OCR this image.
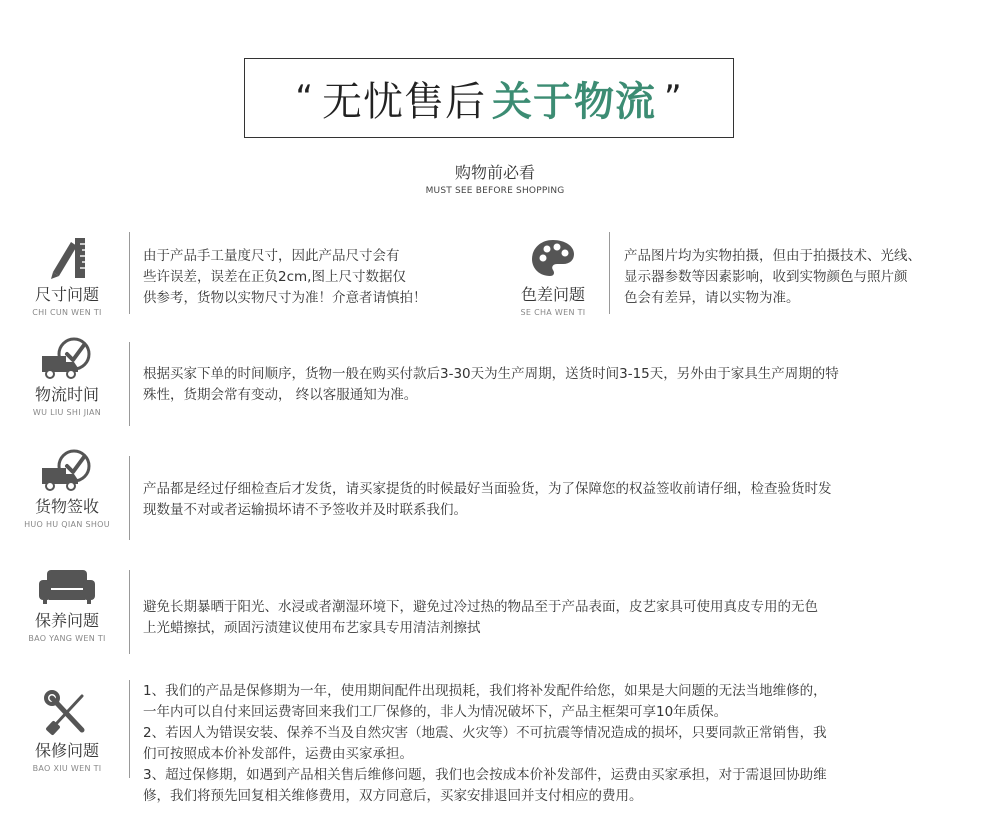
“ 无忧售后 关于物流 ”
购物前必看
MUST SEE BEFORE SHOPPING
尺寸问题
CHI CUN WEN TI

由于产品手工量度尺寸，因此产品尺寸会有

些许误差，误差在正负2cm,图上尺寸数据仅

供参考，货物以实物尺寸为准！介意者请慎拍！	色差问题
SE CHA WEN TI

产品图片均为实物拍摄，但由于拍摄技术、光线、

显示器参数等因素影响，收到实物颜色与照片颜

色会有差异，请以实物为准。

物流时间
WU LIU SHI JIAN

根据买家下单的时间顺序，货物一般在购买付款后3-30天为生产周期，送货时间3-15天，另外由于家具生产周期的特

殊性，货期会常有变动， 终以客服通知为准。

货物签收
HUO HU QIAN SHOU

产品都是经过仔细检查后才发货，请买家提货的时候最好当面验货，为了保障您的权益签收前请仔细，检查验货时发

现数量不对或者运输损坏请不予签收并及时联系我们。

保养问题
BAO YANG WEN TI

避免长期暴晒于阳光、水浸或者潮湿环境下，避免过冷过热的物品至于产品表面，皮艺家具可使用真皮专用的无色

上光蜡擦拭，顽固污渍建议使用布艺家具专用清洁剂擦拭

保修问题
BAO XIU WEN TI

1、我们的产品是保修期为一年，使用期间配件出现损耗，我们将补发配件给您，如果是大问题的无法当地维修的，

一年内可以自付来回运费寄回来我们工厂保修的，非人为情况破坏下，产品主框架可享10年质保。

2、若因人为错误安装、保养不当及自然灾害（地震、火灾等）不可抗震等情况造成的损坏，只要同款正常销售，我

们可按照成本价补发部件，运费由买家承担。

3、超过保修期，如遇到产品相关售后维修问题，我们也会按成本价补发部件，运费由买家承担，对于需退回协助维

修，我们将预先回复相关维修费用，双方同意后，买家安排退回并支付相应的费用。
